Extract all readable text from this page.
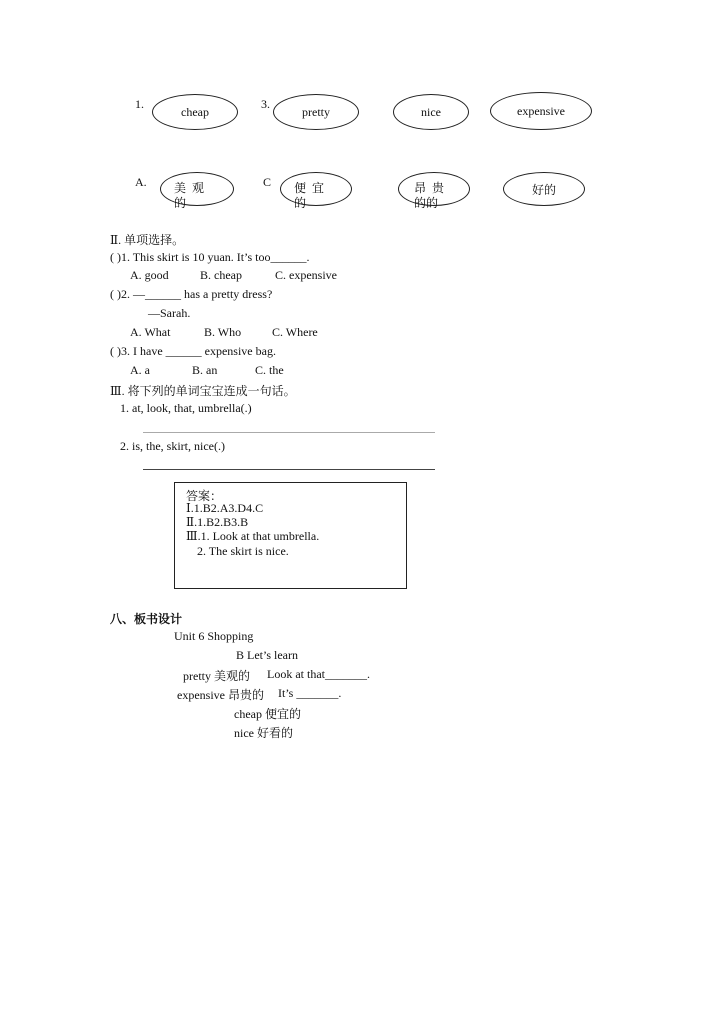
1.	3.
cheap	pretty	nice	expensive
A.	C
美  观
的
便  宜
的
昂  贵
的的
好的
Ⅱ. 单项选择。
( )1. This skirt is 10 yuan. It’s too______.
A. good	B. cheap	C. expensive
( )2. —______ has a pretty dress?
—Sarah.
A. What	B. Who	C. Where
( )3. I have ______ expensive bag.
A. a	B. an	C. the
Ⅲ. 将下列的单词宝宝连成一句话。
1. at, look, that, umbrella(.)
2. is, the, skirt, nice(.)
答案：
Ⅰ.1.B2.A3.D4.C
Ⅱ.1.B2.B3.B
Ⅲ.1. Look at that umbrella.
2. The skirt is nice.
八、板书设计
Unit 6 Shopping
B Let’s learn
pretty 美观的 Look at that_______.
expensive 昂贵的 It’s _______.
cheap 便宜的
nice 好看的
